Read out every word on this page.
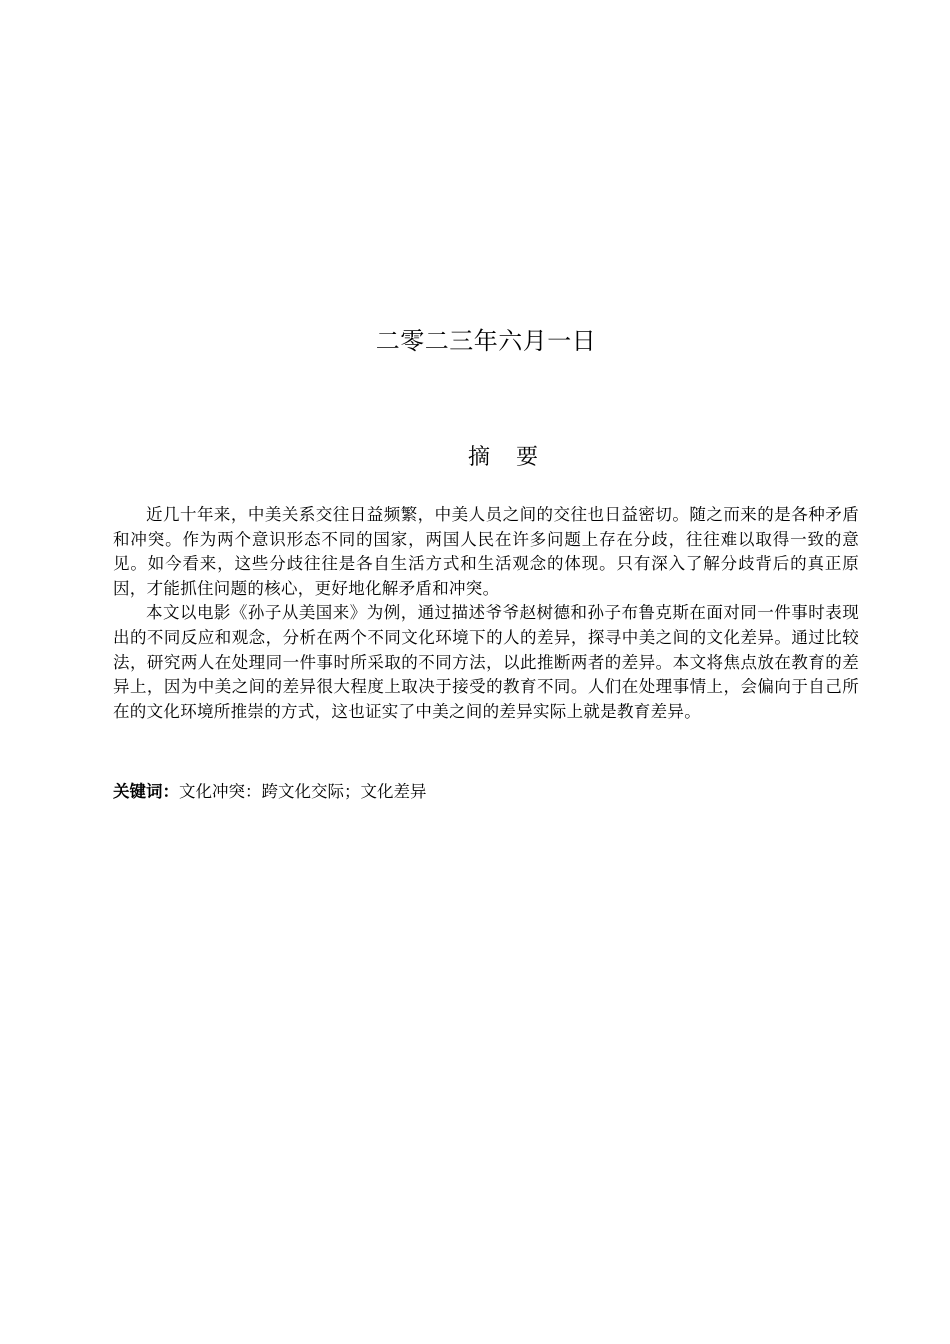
二零二三年六月一日
摘 要

近几十年来，中美关系交往日益频繁，中美人员之间的交往也日益密切。随之而来的是各种矛盾和冲突。作为两个意识形态不同的国家，两国人民在许多问题上存在分歧，往往难以取得一致的意见。如今看来，这些分歧往往是各自生活方式和生活观念的体现。只有深入了解分歧背后的真正原因，才能抓住问题的核心，更好地化解矛盾和冲突。

本文以电影《孙子从美国来》为例，通过描述爷爷赵树德和孙子布鲁克斯在面对同一件事时表现出的不同反应和观念，分析在两个不同文化环境下的人的差异，探寻中美之间的文化差异。通过比较法，研究两人在处理同一件事时所采取的不同方法，以此推断两者的差异。本文将焦点放在教育的差异上，因为中美之间的差异很大程度上取决于接受的教育不同。人们在处理事情上，会偏向于自己所在的文化环境所推崇的方式，这也证实了中美之间的差异实际上就是教育差异。

关键词：文化冲突：跨文化交际；文化差异
